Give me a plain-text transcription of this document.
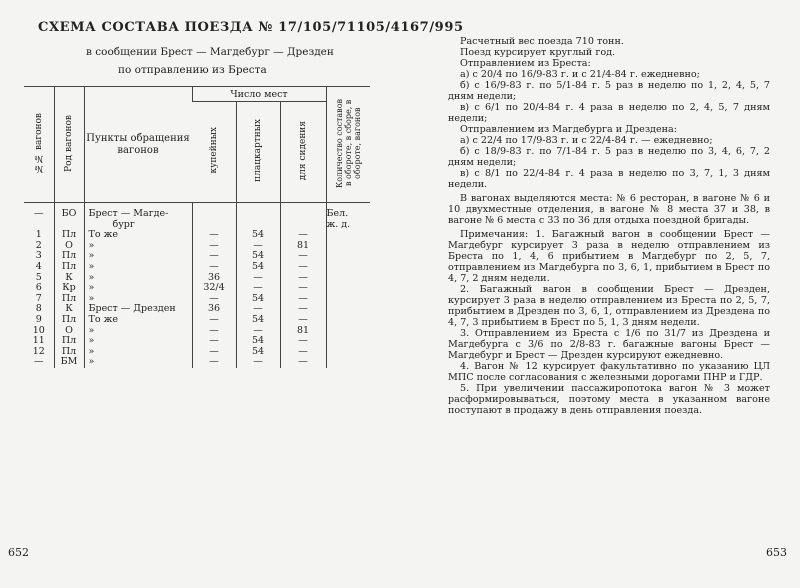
СХЕМА СОСТАВА ПОЕЗДА № 17/105/71105/4167/995
в сообщении Брест — Магдебург — Дрезден
по отправлению из Бреста
№№ вагонов	Род вагонов	Пункты обращения вагонов	Число мест			Количество составов в обороте, в сборе, в обороте, вагонов
			купейных	плацкартных	для сидения	
—	БО	Брест — Магде-				Бел.
		бург				ж. д.
1	Пл	То же	—	54	—	
2	О	»	—	—	81	
3	Пл	»	—	54	—	
4	Пл	»	—	54	—	
5	К	»	36	—	—	
6	Кр	»	32/4	—	—	
7	Пл	»	—	54	—	
8	К	Брест — Дрезден	36	—	—	
9	Пл	То же	—	54	—	
10	О	»	—	—	81	
11	Пл	»	—	54	—	
12	Пл	»	—	54	—	
—	БМ	»	—	—	—	
652

Расчетный вес поезда 710 тонн.

Поезд курсирует круглый год.

Отправлением из Бреста:

а) с 20/4 по 16/9-83 г. и с 21/4-84 г. ежедневно;

б) с 16/9-83 г. по 5/1-84 г. 5 раз в неделю по 1, 2, 4, 5, 7 дням недели;

в) с 6/1 по 20/4-84 г. 4 раза в неделю по 2, 4, 5, 7 дням недели;

Отправлением из Магдебурга и Дрездена:

а) с 22/4 по 17/9-83 г. и с 22/4-84 г. — ежедневно;

б) с 18/9-83 г. по 7/1-84 г. 5 раз в неделю по 3, 4, 6, 7, 2 дням недели;

в) с 8/1 по 22/4-84 г. 4 раза в неделю по 3, 7, 1, 3 дням недели.

В вагонах выделяются места: № 6 ресторан, в вагоне № 6 и 10 двухместные отделения, в вагоне № 8 места 37 и 38, в вагоне № 6 места с 33 по 36 для отдыха поездной бригады.

Примечания: 1. Багажный вагон в сообщении Брест — Магдебург курсирует 3 раза в неделю отправлением из Бреста по 1, 4, 6 прибытием в Магдебург по 2, 5, 7, отправлением из Магдебурга по 3, 6, 1, прибытием в Брест по 4, 7, 2 дням недели.

2. Багажный вагон в сообщении Брест — Дрезден, курсирует 3 раза в неделю отправлением из Бреста по 2, 5, 7, прибытием в Дрезден по 3, 6, 1, отправлением из Дрездена по 4, 7, 3 прибытием в Брест по 5, 1, 3 дням недели.

3. Отправлением из Бреста с 1/6 по 31/7 из Дрездена и Магдебурга с 3/6 по 2/8-83 г. багажные вагоны Брест — Магдебург и Брест — Дрезден курсируют ежедневно.

4. Вагон № 12 курсирует факультативно по указанию ЦЛ МПС после согласования с железными дорогами ПНР и ГДР.

5. При увеличении пассажиропотока вагон № 3 может расформировываться, поэтому места в указанном вагоне поступают в продажу в день отправления поезда.

653
